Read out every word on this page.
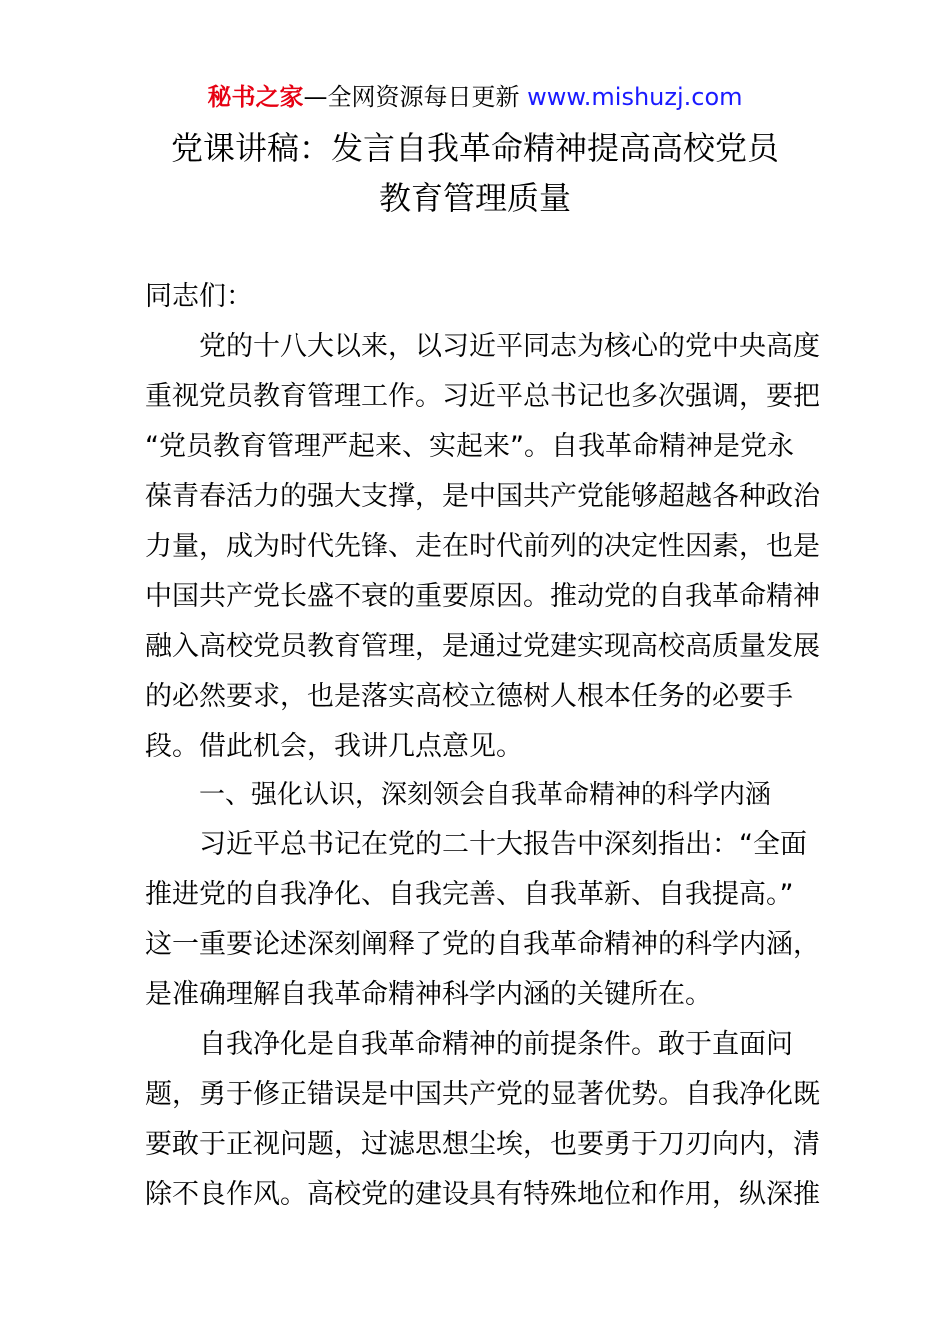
秘书之家—全网资源每日更新 www.mishuzj.com
党课讲稿：发言自我革命精神提高高校党员
教育管理质量
同志们：
党的十八大以来，以习近平同志为核心的党中央高度
重视党员教育管理工作。习近平总书记也多次强调，要把
“党员教育管理严起来、实起来”。自我革命精神是党永
葆青春活力的强大支撑，是中国共产党能够超越各种政治
力量，成为时代先锋、走在时代前列的决定性因素，也是
中国共产党长盛不衰的重要原因。推动党的自我革命精神
融入高校党员教育管理，是通过党建实现高校高质量发展
的必然要求，也是落实高校立德树人根本任务的必要手
段。借此机会，我讲几点意见。
一、强化认识，深刻领会自我革命精神的科学内涵
习近平总书记在党的二十大报告中深刻指出：“全面
推进党的自我净化、自我完善、自我革新、自我提高。”
这一重要论述深刻阐释了党的自我革命精神的科学内涵，
是准确理解自我革命精神科学内涵的关键所在。
自我净化是自我革命精神的前提条件。敢于直面问
题，勇于修正错误是中国共产党的显著优势。自我净化既
要敢于正视问题，过滤思想尘埃，也要勇于刀刃向内，清
除不良作风。高校党的建设具有特殊地位和作用，纵深推
